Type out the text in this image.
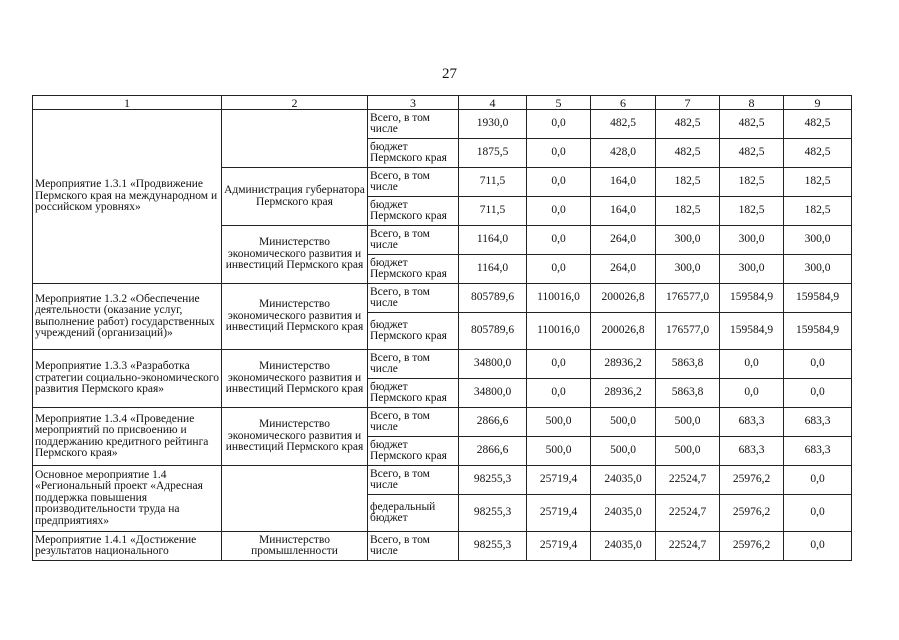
27
1	2	3	4	5	6	7	8	9
Мероприятие 1.3.1 «Продвижение Пермского края на международном и российском уровнях»		Всего, в том числе	1930,0	0,0	482,5	482,5	482,5	482,5
		бюджет Пермского края	1875,5	0,0	428,0	482,5	482,5	482,5
	Администрация губернатора Пермского края	Всего, в том числе	711,5	0,0	164,0	182,5	182,5	182,5
		бюджет Пермского края	711,5	0,0	164,0	182,5	182,5	182,5
	Министерство экономического развития и инвестиций Пермского края	Всего, в том числе	1164,0	0,0	264,0	300,0	300,0	300,0
		бюджет Пермского края	1164,0	0,0	264,0	300,0	300,0	300,0
Мероприятие 1.3.2 «Обеспечение деятельности (оказание услуг, выполнение работ) государственных учреждений (организаций)»	Министерство экономического развития и инвестиций Пермского края	Всего, в том числе	805789,6	110016,0	200026,8	176577,0	159584,9	159584,9
		бюджет Пермского края	805789,6	110016,0	200026,8	176577,0	159584,9	159584,9
Мероприятие 1.3.3 «Разработка стратегии социально-экономического развития Пермского края»	Министерство экономического развития и инвестиций Пермского края	Всего, в том числе	34800,0	0,0	28936,2	5863,8	0,0	0,0
		бюджет Пермского края	34800,0	0,0	28936,2	5863,8	0,0	0,0
Мероприятие 1.3.4 «Проведение мероприятий по присвоению и поддержанию кредитного рейтинга Пермского края»	Министерство экономического развития и инвестиций Пермского края	Всего, в том числе	2866,6	500,0	500,0	500,0	683,3	683,3
		бюджет Пермского края	2866,6	500,0	500,0	500,0	683,3	683,3
Основное мероприятие 1.4 «Региональный проект «Адресная поддержка повышения производительности труда на предприятиях»		Всего, в том числе	98255,3	25719,4	24035,0	22524,7	25976,2	0,0
		федеральный бюджет	98255,3	25719,4	24035,0	22524,7	25976,2	0,0
Мероприятие 1.4.1 «Достижение результатов национального	Министерство промышленности	Всего, в том числе	98255,3	25719,4	24035,0	22524,7	25976,2	0,0
